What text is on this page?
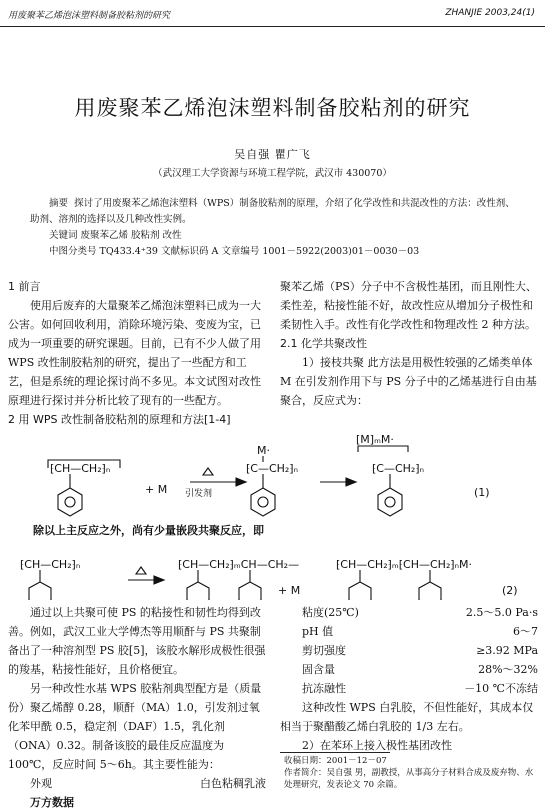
用废聚苯乙烯泡沫塑料制备胶粘剂的研究	ZHANJIE 2003,24(1)
用废聚苯乙烯泡沫塑料制备胶粘剂的研究
吴自强 瞿广飞
（武汉理工大学资源与环境工程学院，武汉市 430070）
摘要 探讨了用废聚苯乙烯泡沫塑料（WPS）制备胶粘剂的原理，介绍了化学改性和共混改性的方法：改性剂、助剂、溶剂的选择以及几种改性实例。
关键词 废聚苯乙烯 胶粘剂 改性
中图分类号 TQ433.4⁺39 文献标识码 A 文章编号 1001－5922(2003)01－0030－03

1 前言

使用后废弃的大量聚苯乙烯泡沫塑料已成为一大公害。如何回收利用，消除环境污染、变废为宝，已成为一项重要的研究课题。目前，已有不少人做了用 WPS 改性制胶粘剂的研究，提出了一些配方和工艺，但是系统的理论探讨尚不多见。本文试图对改性原理进行探讨并分析比较了现有的一些配方。

2 用 WPS 改性制备胶粘剂的原理和方法[1-4]

聚苯乙烯（PS）分子中不含极性基团，而且刚性大、柔性差，粘接性能不好，故改性应从增加分子极性和柔韧性入手。改性有化学改性和物理改性 2 种方法。

2.1 化学共聚改性

1）接枝共聚 此方法是用极性较强的乙烯类单体 M 在引发剂作用下与 PS 分子中的乙烯基进行自由基聚合，反应式为：

⁅CH—CH₂⁆ₙ
+ M 引发剂
M·
⁅C—CH₂⁆ₙ
[M]ₘM·
⁅C—CH₂⁆ₙ
(1)
除以上主反应之外，尚有少量嵌段共聚反应，即
⁅CH—CH₂⁆ₙ	⁅CH—CH₂⁆ₘCH—CH₂—
+ M
⁅CH—CH₂⁆ₘ⁅CH—CH₂⁆ₙM·
(2)

通过以上共聚可使 PS 的粘接性和韧性均得到改善。例如，武汉工业大学傅杰等用顺酐与 PS 共聚制备出了一种溶剂型 PS 胶[5]，该胶水解形成极性很强的羧基，粘接性能好，且价格便宜。

另一种改性水基 WPS 胶粘剂典型配方是（质量份）聚乙烯醇 0.28，顺酐（MA）1.0，引发剂过氧化苯甲酰 0.5，稳定剂（DAF）1.5，乳化剂（ONA）0.32。制备该胶的最佳反应温度为 100℃，反应时间 5～6h。其主要性能为：

外观	白色粘稠乳液
万方数据
粘度(25℃)	2.5～5.0 Pa·s
pH 值	6～7
剪切强度	≥3.92 MPa
固含量	28%～32%
抗冻融性	－10 ℃不冻结

这种改性 WPS 白乳胶，不但性能好，其成本仅相当于聚醋酸乙烯白乳胶的 1/3 左右。

2）在苯环上接入极性基团改性

收稿日期：2001－12－07
作者简介：吴自强 男，副教授，从事高分子材料合成及废弃物、水处理研究，发表论文 70 余篇。
